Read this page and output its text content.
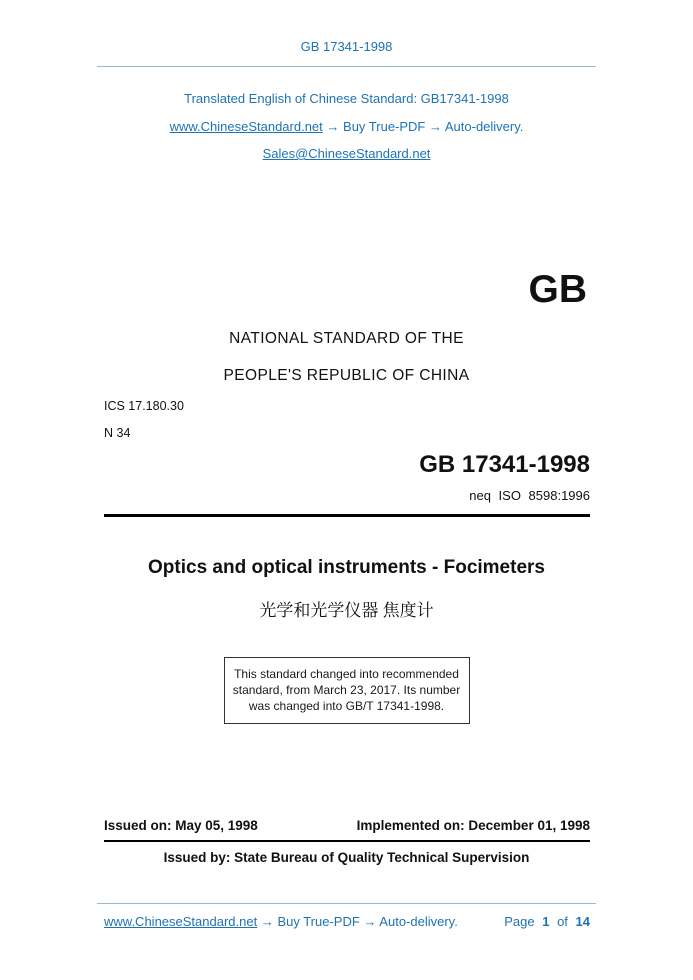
GB 17341-1998
Translated English of Chinese Standard: GB17341-1998
www.ChineseStandard.net → Buy True-PDF → Auto-delivery.
Sales@ChineseStandard.net
GB
NATIONAL STANDARD OF THE
PEOPLE'S REPUBLIC OF CHINA
ICS 17.180.30
N 34
GB 17341-1998
neq ISO 8598:1996
Optics and optical instruments - Focimeters
光学和光学仪器 焦度计
This standard changed into recommended
standard, from March 23, 2017. Its number
was changed into GB/T 17341-1998.
Issued on: May 05, 1998	Implemented on: December 01, 1998
Issued by: State Bureau of Quality Technical Supervision
www.ChineseStandard.net → Buy True-PDF → Auto-delivery.	Page 1 of 14
